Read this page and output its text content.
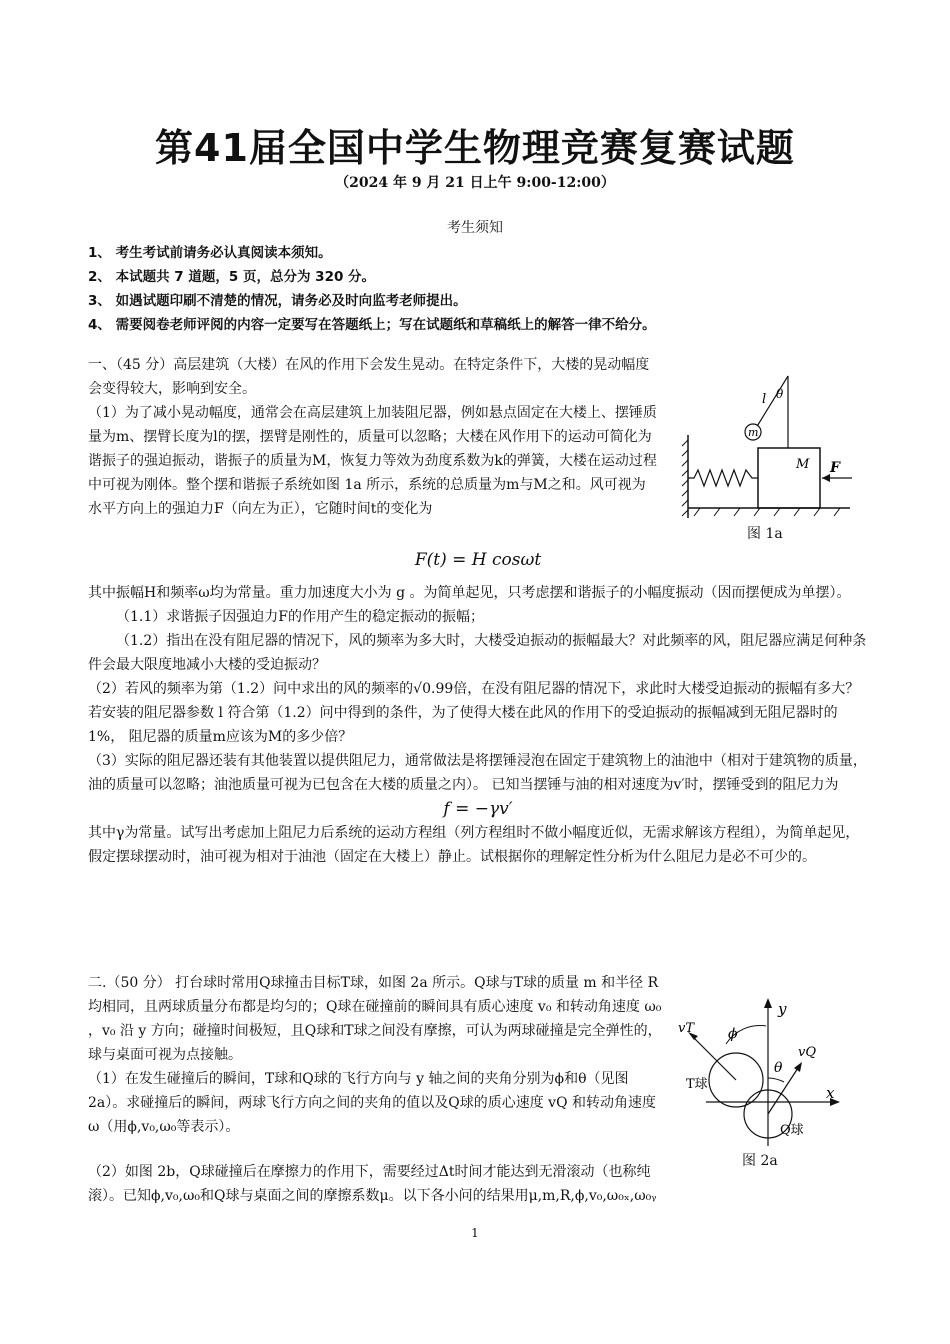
第41届全国中学生物理竞赛复赛试题
（2024 年 9 月 21 日上午 9:00-12:00）
考生须知
1、 考生考试前请务必认真阅读本须知。
2、 本试题共 7 道题，5 页，总分为 320 分。
3、 如遇试题印刷不清楚的情况，请务必及时向监考老师提出。
4、 需要阅卷老师评阅的内容一定要写在答题纸上；写在试题纸和草稿纸上的解答一律不给分。

一、（45 分）高层建筑（大楼）在风的作用下会发生晃动。在特定条件下，大楼的晃动幅度会变得较大，影响到安全。

（1）为了减小晃动幅度，通常会在高层建筑上加装阻尼器，例如悬点固定在大楼上、摆锤质量为m、摆臂长度为l的摆，摆臂是刚性的，质量可以忽略；大楼在风作用下的运动可简化为谐振子的强迫振动，谐振子的质量为M，恢复力等效为劲度系数为k的弹簧，大楼在运动过程中可视为刚体。整个摆和谐振子系统如图 1a 所示，系统的总质量为m与M之和。风可视为水平方向上的强迫力F（向左为正），它随时间t的变化为

l θ
m
M F
图 1a
F(t) = H cosωt

其中振幅H和频率ω均为常量。重力加速度大小为 g 。为简单起见，只考虑摆和谐振子的小幅度振动（因而摆便成为单摆）。

（1.1）求谐振子因强迫力F的作用产生的稳定振动的振幅；

（1.2）指出在没有阻尼器的情况下，风的频率为多大时，大楼受迫振动的振幅最大？对此频率的风，阻尼器应满足何种条件会最大限度地减小大楼的受迫振动？

（2）若风的频率为第（1.2）问中求出的风的频率的√0.99倍，在没有阻尼器的情况下，求此时大楼受迫振动的振幅有多大？若安装的阻尼器参数 l 符合第（1.2）问中得到的条件，为了使得大楼在此风的作用下的受迫振动的振幅减到无阻尼器时的 1%， 阻尼器的质量m应该为M的多少倍？

（3）实际的阻尼器还装有其他装置以提供阻尼力，通常做法是将摆锤浸泡在固定于建筑物上的油池中（相对于建筑物的质量，油的质量可以忽略；油池质量可视为已包含在大楼的质量之内）。 已知当摆锤与油的相对速度为v′时，摆锤受到的阻尼力为

f = −γv′

其中γ为常量。试写出考虑加上阻尼力后系统的运动方程组（列方程组时不做小幅度近似，无需求解该方程组），为简单起见，假定摆球摆动时，油可视为相对于油池（固定在大楼上）静止。试根据你的理解定性分析为什么阻尼力是必不可少的。

二.（50 分） 打台球时常用Q球撞击目标T球，如图 2a 所示。Q球与T球的质量 m 和半径 R 均相同，且两球质量分布都是均匀的；Q球在碰撞前的瞬间具有质心速度 v₀ 和转动角速度 ω₀ ，v₀ 沿 y 方向；碰撞时间极短，且Q球和T球之间没有摩擦，可认为两球碰撞是完全弹性的，球与桌面可视为点接触。

（1）在发生碰撞后的瞬间，T球和Q球的飞行方向与 y 轴之间的夹角分别为ϕ和θ（见图 2a）。求碰撞后的瞬间，两球飞行方向之间的夹角的值以及Q球的质心速度 vQ 和转动角速度 ω（用ϕ,v₀,ω₀等表示）。

y
x
vT
vQ
ϕ
θ
T球
Q球
图 2a
（2）如图 2b，Q球碰撞后在摩擦力的作用下，需要经过Δt时间才能达到无滑滚动（也称纯滚）。已知ϕ,v₀,ω₀和Q球与桌面之间的摩擦系数μ。以下各小问的结果用μ,m,R,ϕ,v₀,ω₀ₓ,ω₀ᵧ
1
